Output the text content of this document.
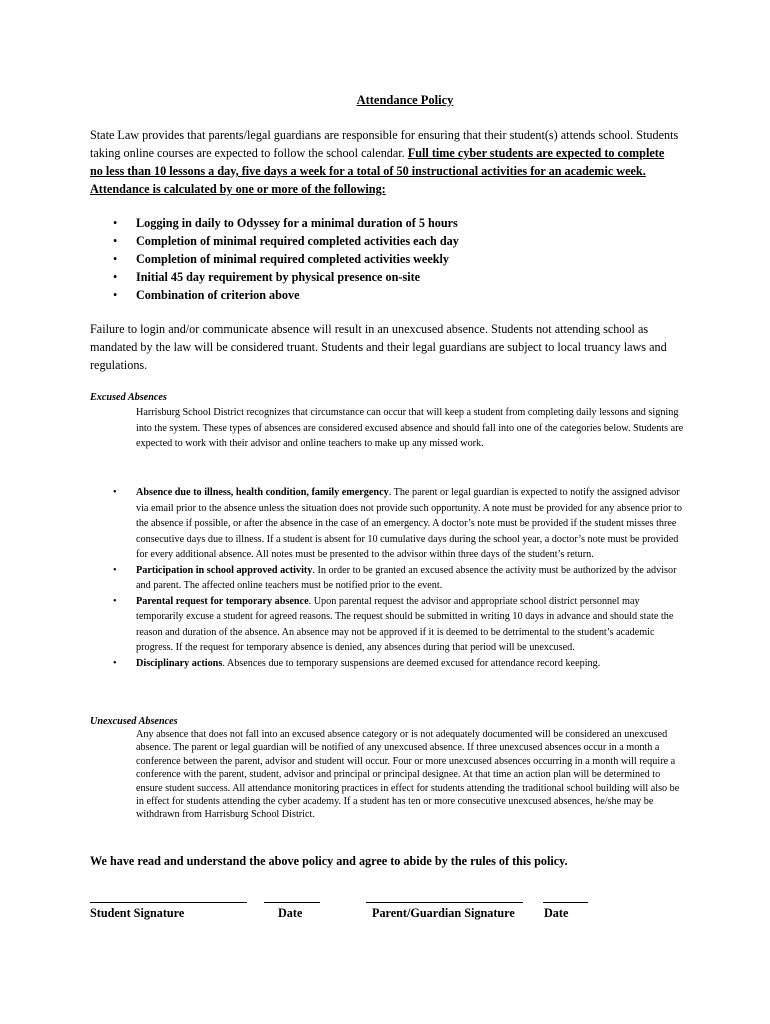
Attendance Policy
State Law provides that parents/legal guardians are responsible for ensuring that their student(s) attends school. Students taking online courses are expected to follow the school calendar. Full time cyber students are expected to complete no less than 10 lessons a day, five days a week for a total of 50 instructional activities for an academic week. Attendance is calculated by one or more of the following:
• Logging in daily to Odyssey for a minimal duration of 5 hours
• Completion of minimal required completed activities each day
• Completion of minimal required completed activities weekly
• Initial 45 day requirement by physical presence on-site
• Combination of criterion above
Failure to login and/or communicate absence will result in an unexcused absence. Students not attending school as mandated by the law will be considered truant. Students and their legal guardians are subject to local truancy laws and regulations.
Excused Absences
Harrisburg School District recognizes that circumstance can occur that will keep a student from completing daily lessons and signing into the system. These types of absences are considered excused absence and should fall into one of the categories below. Students are expected to work with their advisor and online teachers to make up any missed work.
• Absence due to illness, health condition, family emergency. The parent or legal guardian is expected to notify the assigned advisor via email prior to the absence unless the situation does not provide such opportunity. A note must be provided for any absence prior to the absence if possible, or after the absence in the case of an emergency. A doctor’s note must be provided if the student misses three consecutive days due to illness. If a student is absent for 10 cumulative days during the school year, a doctor’s note must be provided for every additional absence. All notes must be presented to the advisor within three days of the student’s return.
• Participation in school approved activity. In order to be granted an excused absence the activity must be authorized by the advisor and parent. The affected online teachers must be notified prior to the event.
• Parental request for temporary absence. Upon parental request the advisor and appropriate school district personnel may temporarily excuse a student for agreed reasons. The request should be submitted in writing 10 days in advance and should state the reason and duration of the absence. An absence may not be approved if it is deemed to be detrimental to the student’s academic progress. If the request for temporary absence is denied, any absences during that period will be unexcused.
• Disciplinary actions. Absences due to temporary suspensions are deemed excused for attendance record keeping.
Unexcused Absences
Any absence that does not fall into an excused absence category or is not adequately documented will be considered an unexcused absence. The parent or legal guardian will be notified of any unexcused absence. If three unexcused absences occur in a month a conference between the parent, advisor and student will occur. Four or more unexcused absences occurring in a month will require a conference with the parent, student, advisor and principal or principal designee. At that time an action plan will be determined to ensure student success. All attendance monitoring practices in effect for students attending the traditional school building will also be in effect for students attending the cyber academy. If a student has ten or more consecutive unexcused absences, he/she may be withdrawn from Harrisburg School District.
We have read and understand the above policy and agree to abide by the rules of this policy.
Student Signature	Date	Parent/Guardian Signature Date
